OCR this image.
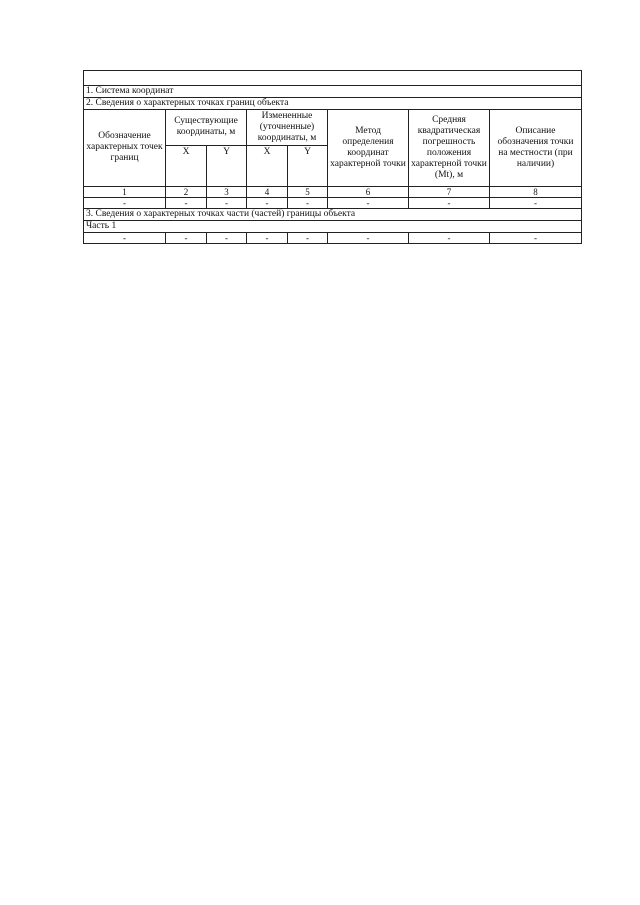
1. Система координат							
2. Сведения о характерных точках границ объекта							
Обозначение характерных точек границ	Существующие координаты, м		Измененные (уточненные) координаты, м		Метод определения координат характерной точки	Средняя квадратическая погрешность положения характерной точки (Mt), м	Описание обозначения точки на местности (при наличии)
	X	Y	X	Y			
1	2	3	4	5	6	7	8
-	-	-	-	-	-	-	-
3. Сведения о характерных точках части (частей) границы объекта							
Часть 1							
-	-	-	-	-	-	-	-
